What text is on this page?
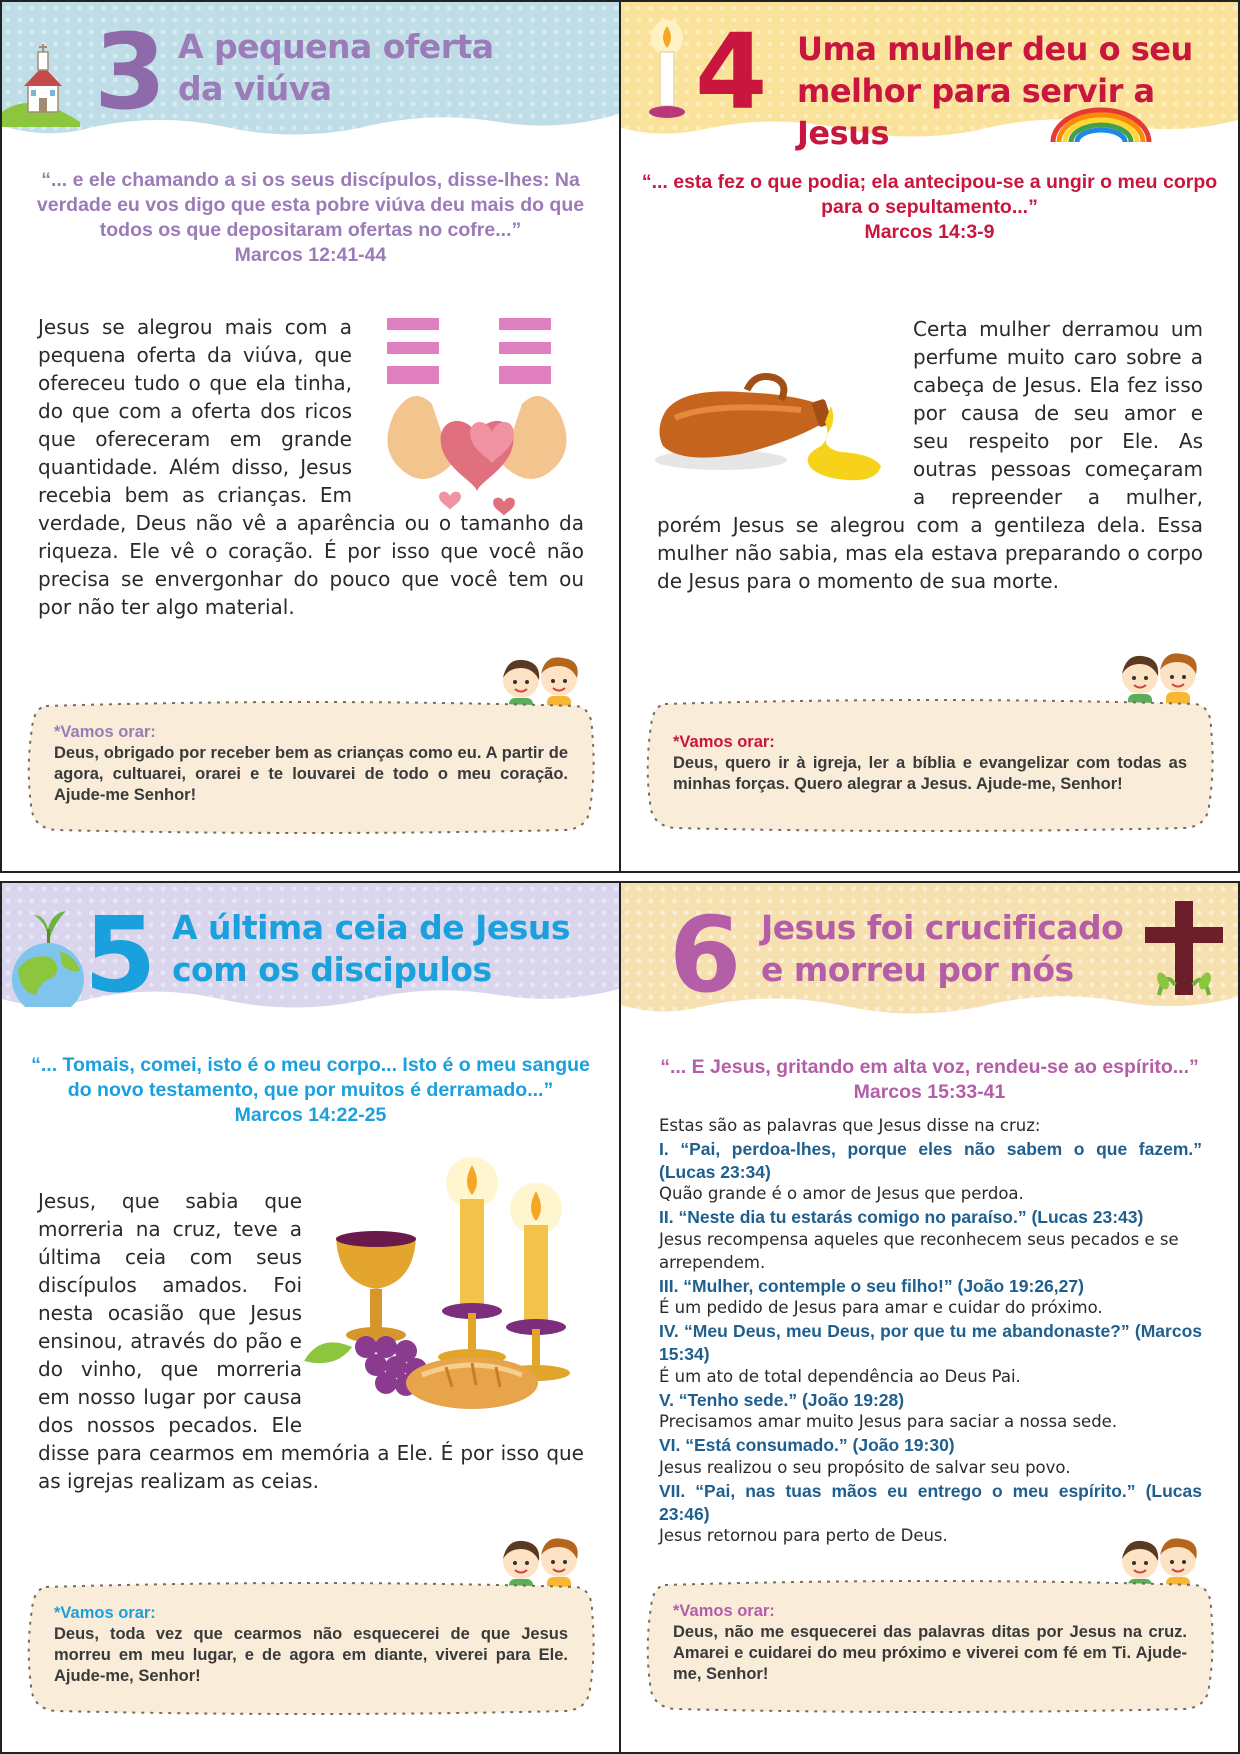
3 A pequena oferta
da viúva
“... e ele chamando a si os seus discípulos, disse-lhes: Na verdade eu vos digo que esta pobre viúva deu mais do que todos os que depositaram ofertas no cofre...”
Marcos 12:41-44
Jesus se alegrou mais com a pequena oferta da viúva, que ofereceu tudo o que ela tinha, do que com a oferta dos ricos que ofereceram em grande quantidade. Além disso, Jesus recebia bem as crianças. Em verdade, Deus não vê a aparência ou o tamanho da riqueza. Ele vê o coração. É por isso que você não precisa se envergonhar do pouco que você tem ou por não ter algo material.
*Vamos orar:
Deus, obrigado por receber bem as crianças como eu. A partir de agora, cultuarei, orarei e te louvarei de todo o meu coração. Ajude-me Senhor!
4 Uma mulher deu o seu
melhor para servir a Jesus
“... esta fez o que podia; ela antecipou-se a ungir o meu corpo para o sepultamento...”
Marcos 14:3-9
Certa mulher derramou um perfume muito caro sobre a cabeça de Jesus. Ela fez isso por causa de seu amor e seu respeito por Ele. As outras pessoas começaram a repreender a mulher, porém Jesus se alegrou com a gentileza dela. Essa mulher não sabia, mas ela estava preparando o corpo de Jesus para o momento de sua morte.
*Vamos orar:
Deus, quero ir à igreja, ler a bíblia e evangelizar com todas as minhas forças. Quero alegrar a Jesus. Ajude-me, Senhor!
5 A última ceia de Jesus
com os discipulos
“... Tomais, comei, isto é o meu corpo... Isto é o meu sangue do novo testamento, que por muitos é derramado...”
Marcos 14:22-25
Jesus, que sabia que morreria na cruz, teve a última ceia com seus discípulos amados. Foi nesta ocasião que Jesus ensinou, através do pão e do vinho, que morreria em nosso lugar por causa dos nossos pecados. Ele disse para cearmos em memória a Ele. É por isso que as igrejas realizam as ceias.
*Vamos orar:
Deus, toda vez que cearmos não esquecerei de que Jesus morreu em meu lugar, e de agora em diante, viverei para Ele. Ajude-me, Senhor!
6 Jesus foi crucificado
e morreu por nós
“... E Jesus, gritando em alta voz, rendeu-se ao espírito...”
Marcos 15:33-41
Estas são as palavras que Jesus disse na cruz:
I. “Pai, perdoa-lhes, porque eles não sabem o que fazem.” (Lucas 23:34)
Quão grande é o amor de Jesus que perdoa.
II. “Neste dia tu estarás comigo no paraíso.” (Lucas 23:43)
Jesus recompensa aqueles que reconhecem seus pecados e se arrependem.
III. “Mulher, contemple o seu filho!” (João 19:26,27)
É um pedido de Jesus para amar e cuidar do próximo.
IV. “Meu Deus, meu Deus, por que tu me abandonaste?” (Marcos 15:34)
É um ato de total dependência ao Deus Pai.
V. “Tenho sede.” (João 19:28)
Precisamos amar muito Jesus para saciar a nossa sede.
VI. “Está consumado.” (João 19:30)
Jesus realizou o seu propósito de salvar seu povo.
VII. “Pai, nas tuas mãos eu entrego o meu espírito.” (Lucas 23:46)
Jesus retornou para perto de Deus.
*Vamos orar:
Deus, não me esquecerei das palavras ditas por Jesus na cruz. Amarei e cuidarei do meu próximo e viverei com fé em Ti. Ajude-me, Senhor!
